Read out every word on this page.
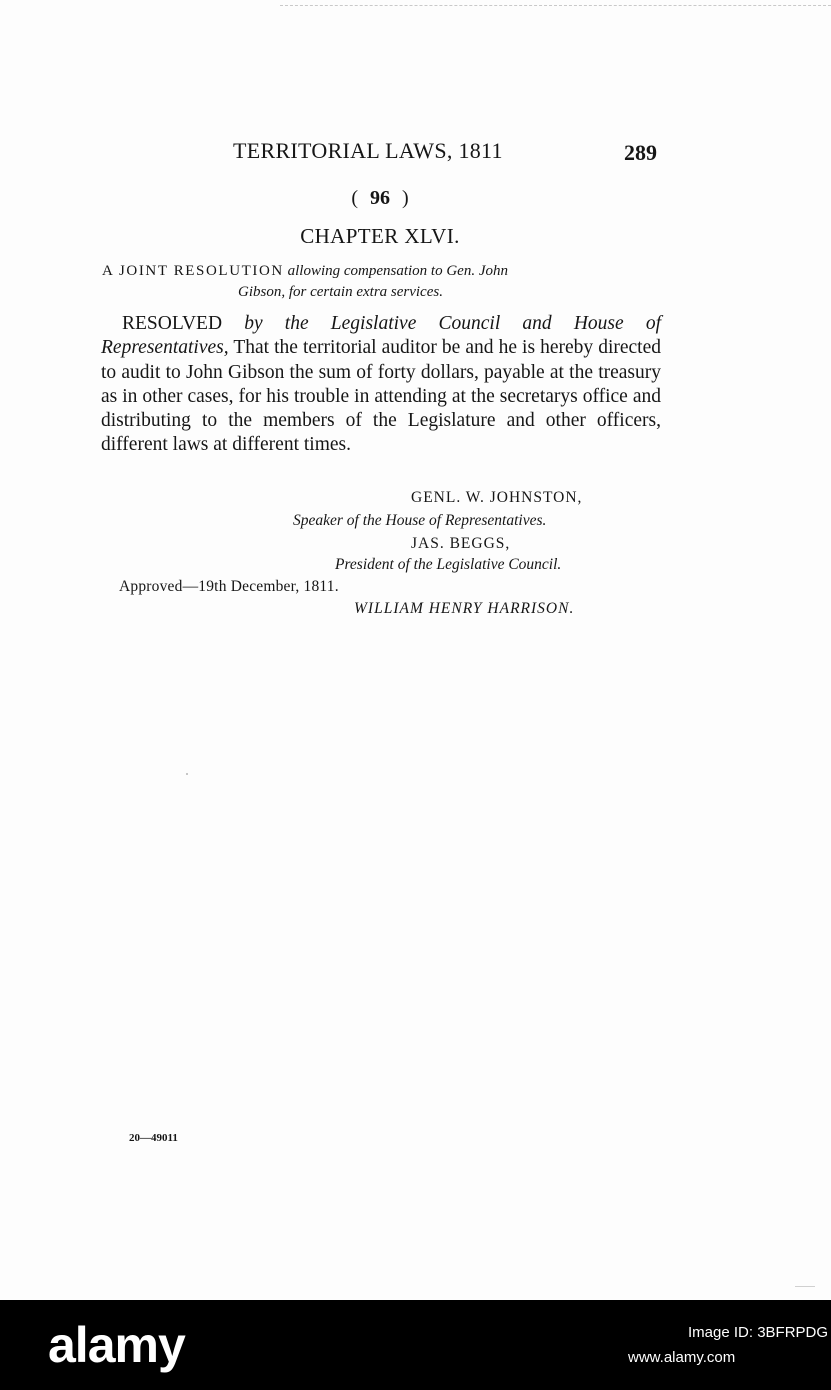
TERRITORIAL LAWS, 1811	289
( 96 )
CHAPTER XLVI.
A JOINT RESOLUTION allowing compensation to Gen. John
Gibson, for certain extra services.

RESOLVED by the Legislative Council and House of Representatives, That the territorial auditor be and he is hereby directed to audit to John Gibson the sum of forty dollars, payable at the treasury as in other cases, for his trouble in attending at the secretarys office and distributing to the members of the Legislature and other officers, different laws at different times.

GENL. W. JOHNSTON,
Speaker of the House of Representatives.
JAS. BEGGS,
President of the Legislative Council.
Approved—19th December, 1811.
WILLIAM HENRY HARRISON.
20—49011
alamy	Image ID: 3BFRPDG
www.alamy.com
